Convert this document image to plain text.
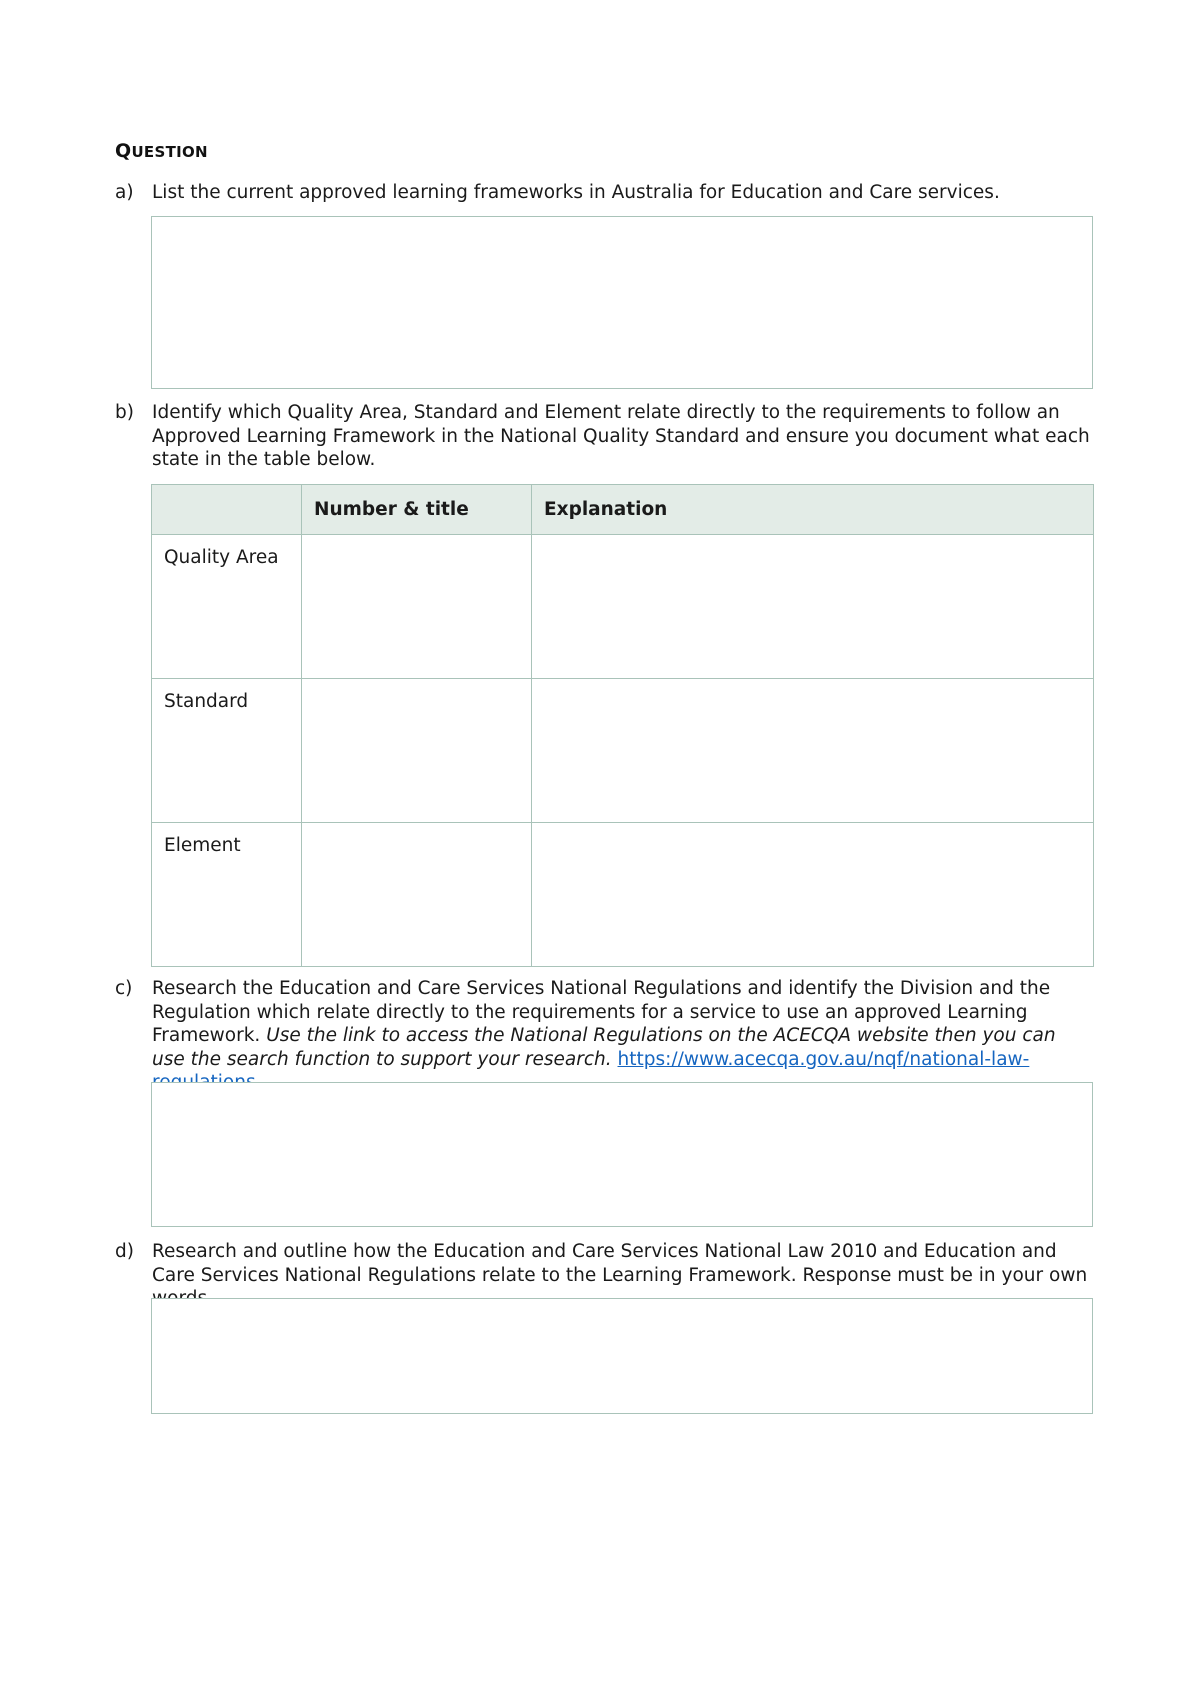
QUESTION
a) List the current approved learning frameworks in Australia for Education and Care services.
b) Identify which Quality Area, Standard and Element relate directly to the requirements to follow an Approved Learning Framework in the National Quality Standard and ensure you document what each state in the table below.
	Number & title	Explanation
Quality Area		
Standard		
Element		
c)	Research the Education and Care Services National Regulations and identify the Division and the Regulation which relate directly to the requirements for a service to use an approved Learning Framework. Use the link to access the National Regulations on the ACECQA website then you can use the search function to support your research. https://www.acecqa.gov.au/nqf/national-law-
d) Research and outline how the Education and Care Services National Law 2010 and Education and Care Services National Regulations relate to the Learning Framework. Response must be in your own
